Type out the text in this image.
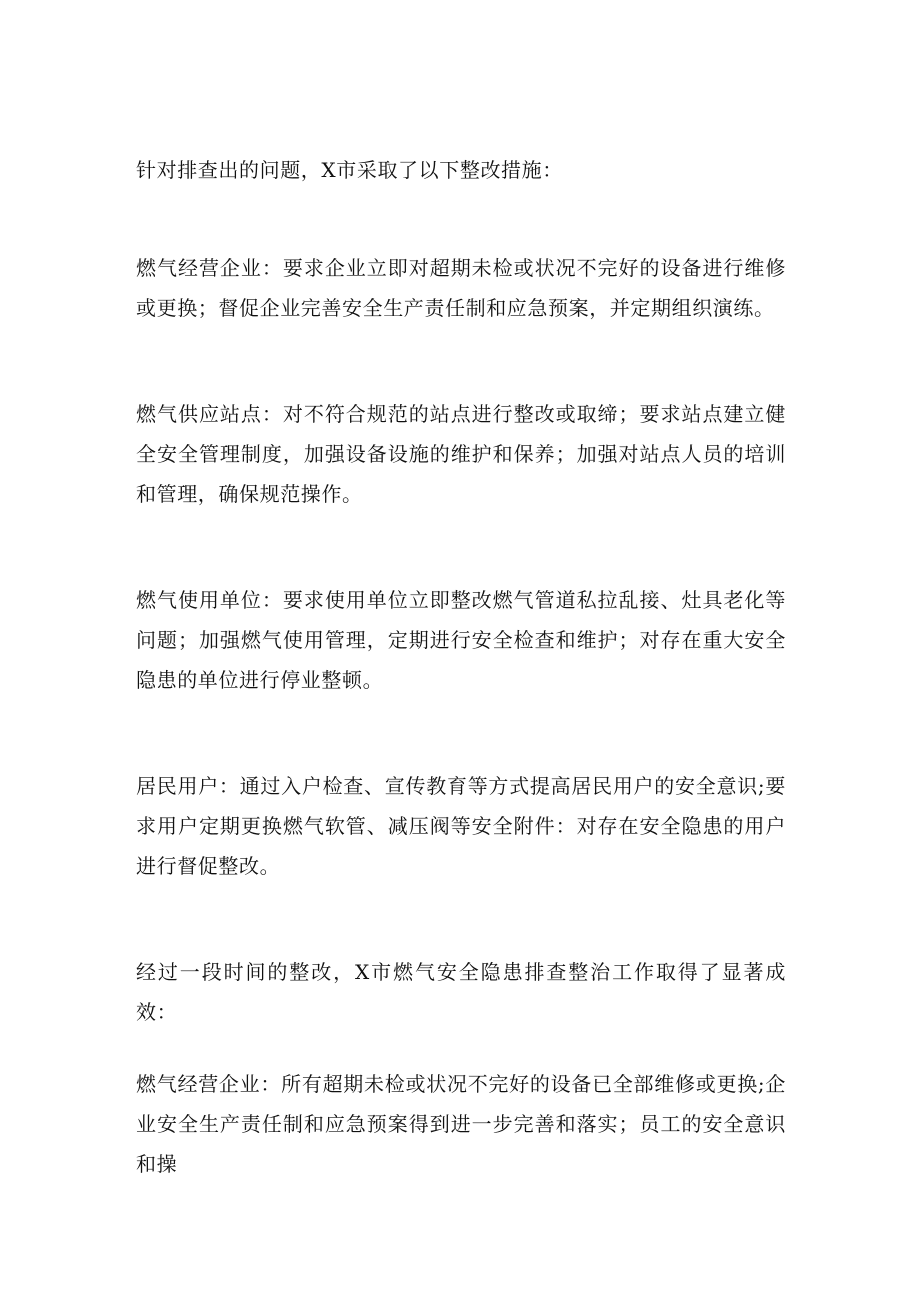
针对排查出的问题，X市采取了以下整改措施：

燃气经营企业：要求企业立即对超期未检或状况不完好的设备进行维修或更换；督促企业完善安全生产责任制和应急预案，并定期组织演练。

燃气供应站点：对不符合规范的站点进行整改或取缔；要求站点建立健全安全管理制度，加强设备设施的维护和保养；加强对站点人员的培训和管理，确保规范操作。

燃气使用单位：要求使用单位立即整改燃气管道私拉乱接、灶具老化等问题；加强燃气使用管理，定期进行安全检查和维护；对存在重大安全隐患的单位进行停业整顿。

居民用户：通过入户检查、宣传教育等方式提高居民用户的安全意识;要求用户定期更换燃气软管、减压阀等安全附件：对存在安全隐患的用户进行督促整改。

经过一段时间的整改，X市燃气安全隐患排查整治工作取得了显著成效：

燃气经营企业：所有超期未检或状况不完好的设备已全部维修或更换;企业安全生产责任制和应急预案得到进一步完善和落实；员工的安全意识和操
